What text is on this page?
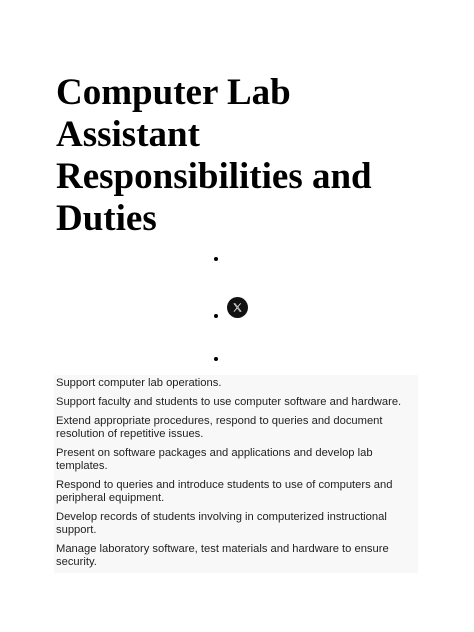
Computer Lab Assistant Responsibilities and Duties
Support computer lab operations.
Support faculty and students to use computer software and hardware.
Extend appropriate procedures, respond to queries and document resolution of repetitive issues.
Present on software packages and applications and develop lab templates.
Respond to queries and introduce students to use of computers and peripheral equipment.
Develop records of students involving in computerized instructional support.
Manage laboratory software, test materials and hardware to ensure security.
